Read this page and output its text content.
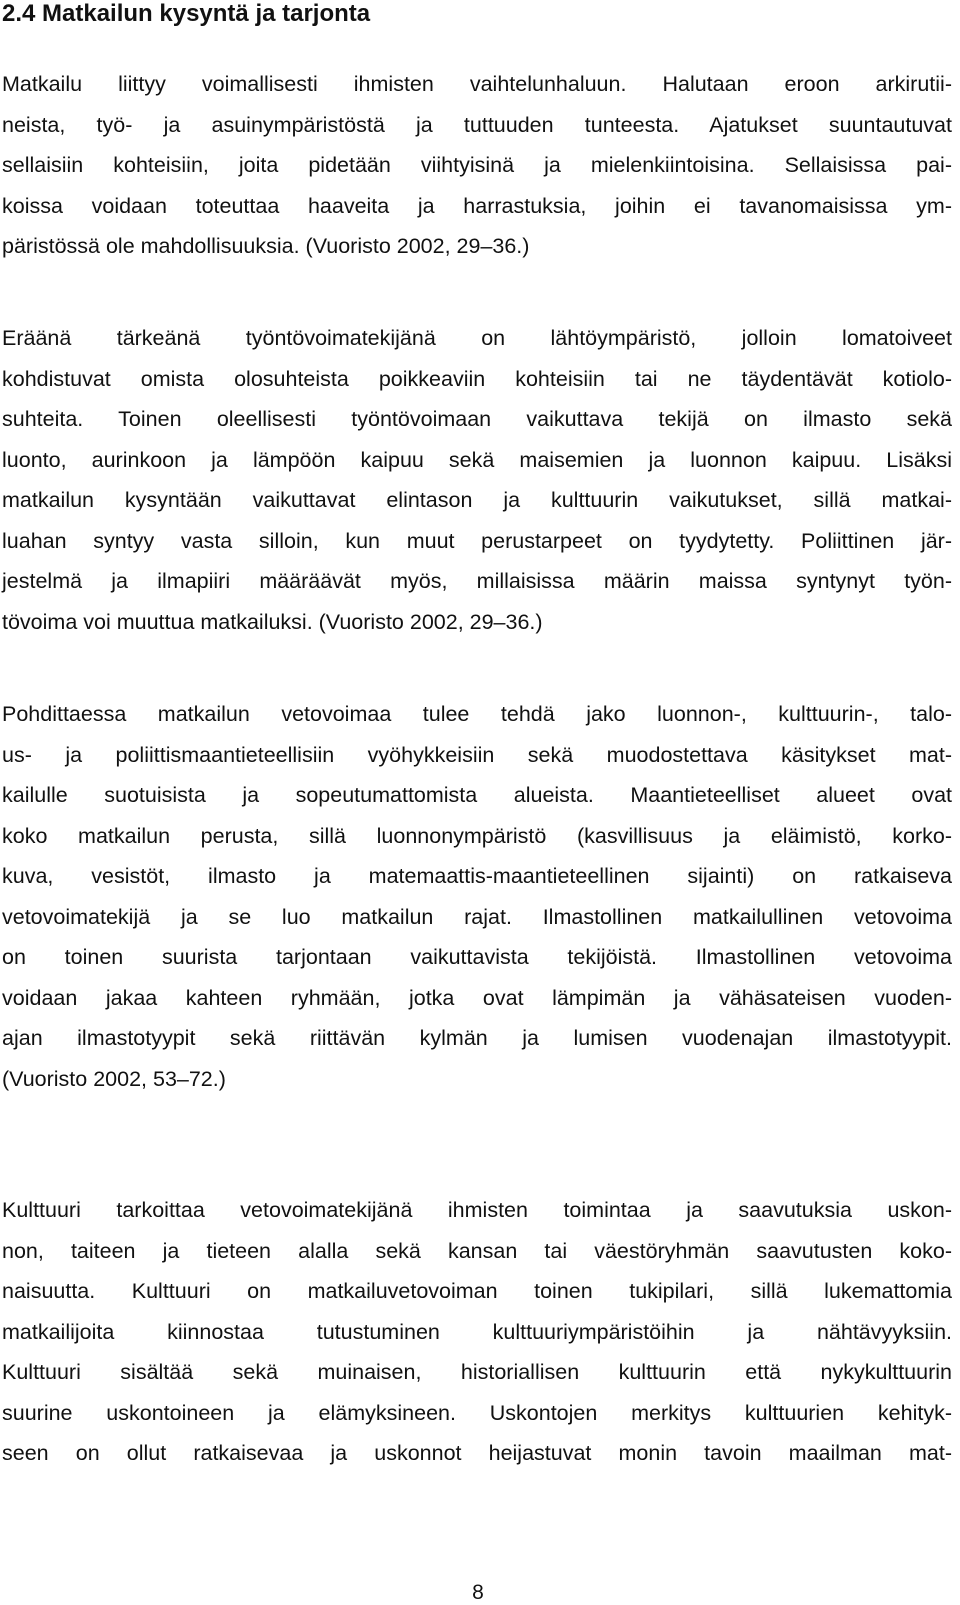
2.4 Matkailun kysyntä ja tarjonta
Matkailu liittyy voimallisesti ihmisten vaihtelunhaluun. Halutaan eroon arkirutii-
neista, työ- ja asuinympäristöstä ja tuttuuden tunteesta. Ajatukset suuntautuvat
sellaisiin kohteisiin, joita pidetään viihtyisinä ja mielenkiintoisina. Sellaisissa pai-
koissa voidaan toteuttaa haaveita ja harrastuksia, joihin ei tavanomaisissa ym-
päristössä ole mahdollisuuksia. (Vuoristo 2002, 29–36.)
Eräänä tärkeänä työntövoimatekijänä on lähtöympäristö, jolloin lomatoiveet
kohdistuvat omista olosuhteista poikkeaviin kohteisiin tai ne täydentävät kotiolo-
suhteita. Toinen oleellisesti työntövoimaan vaikuttava tekijä on ilmasto sekä
luonto, aurinkoon ja lämpöön kaipuu sekä maisemien ja luonnon kaipuu. Lisäksi
matkailun kysyntään vaikuttavat elintason ja kulttuurin vaikutukset, sillä matkai-
luahan syntyy vasta silloin, kun muut perustarpeet on tyydytetty. Poliittinen jär-
jestelmä ja ilmapiiri määräävät myös, millaisissa määrin maissa syntynyt työn-
tövoima voi muuttua matkailuksi. (Vuoristo 2002, 29–36.)
Pohdittaessa matkailun vetovoimaa tulee tehdä jako luonnon-, kulttuurin-, talo-
us- ja poliittismaantieteellisiin vyöhykkeisiin sekä muodostettava käsitykset mat-
kailulle suotuisista ja sopeutumattomista alueista. Maantieteelliset alueet ovat
koko matkailun perusta, sillä luonnonympäristö (kasvillisuus ja eläimistö, korko-
kuva, vesistöt, ilmasto ja matemaattis-maantieteellinen sijainti) on ratkaiseva
vetovoimatekijä ja se luo matkailun rajat. Ilmastollinen matkailullinen vetovoima
on toinen suurista tarjontaan vaikuttavista tekijöistä. Ilmastollinen vetovoima
voidaan jakaa kahteen ryhmään, jotka ovat lämpimän ja vähäsateisen vuoden-
ajan ilmastotyypit sekä riittävän kylmän ja lumisen vuodenajan ilmastotyypit.
(Vuoristo 2002, 53–72.)
Kulttuuri tarkoittaa vetovoimatekijänä ihmisten toimintaa ja saavutuksia uskon-
non, taiteen ja tieteen alalla sekä kansan tai väestöryhmän saavutusten koko-
naisuutta. Kulttuuri on matkailuvetovoiman toinen tukipilari, sillä lukemattomia
matkailijoita kiinnostaa tutustuminen kulttuuriympäristöihin ja nähtävyyksiin.
Kulttuuri sisältää sekä muinaisen, historiallisen kulttuurin että nykykulttuurin
suurine uskontoineen ja elämyksineen. Uskontojen merkitys kulttuurien kehityk-
seen on ollut ratkaisevaa ja uskonnot heijastuvat monin tavoin maailman mat-
8
